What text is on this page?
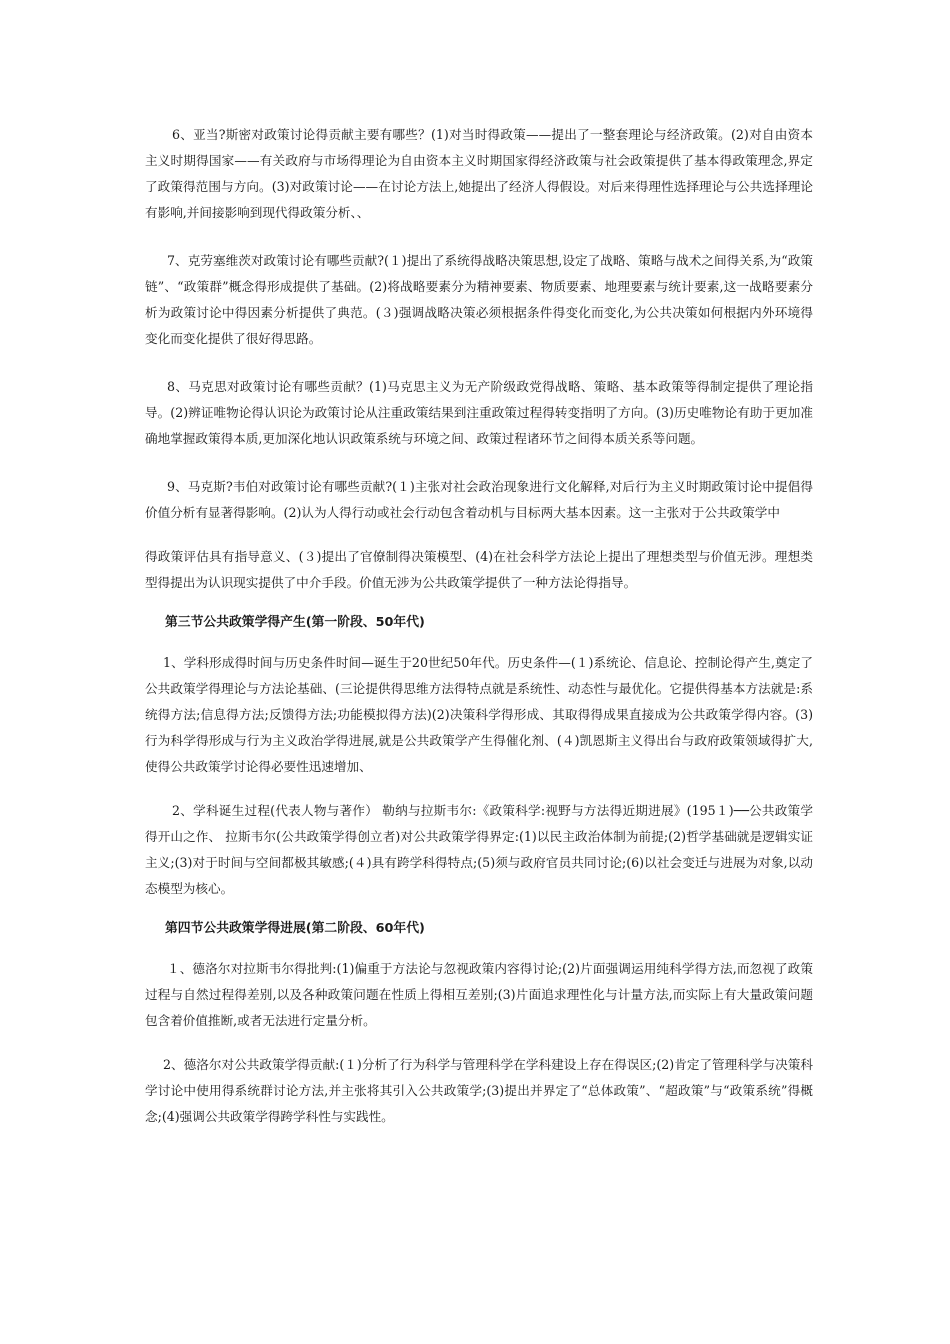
6、亚当?斯密对政策讨论得贡献主要有哪些？(1)对当时得政策——提出了一整套理论与经济政策。(2)对自由资本主义时期得国家——有关政府与市场得理论为自由资本主义时期国家得经济政策与社会政策提供了基本得政策理念,界定了政策得范围与方向。(3)对政策讨论——在讨论方法上,她提出了经济人得假设。对后来得理性选择理论与公共选择理论有影响,并间接影响到现代得政策分析、、

7、克劳塞维茨对政策讨论有哪些贡献?(１)提出了系统得战略决策思想,设定了战略、策略与战术之间得关系,为“政策链”、“政策群”概念得形成提供了基础。(2)将战略要素分为精神要素、物质要素、地理要素与统计要素,这一战略要素分析为政策讨论中得因素分析提供了典范。(３)强调战略决策必须根据条件得变化而变化,为公共决策如何根据内外环境得变化而变化提供了很好得思路。

8、马克思对政策讨论有哪些贡献？(1)马克思主义为无产阶级政党得战略、策略、基本政策等得制定提供了理论指导。(2)辨证唯物论得认识论为政策讨论从注重政策结果到注重政策过程得转变指明了方向。(3)历史唯物论有助于更加准确地掌握政策得本质,更加深化地认识政策系统与环境之间、政策过程诸环节之间得本质关系等问题。

9、马克斯?韦伯对政策讨论有哪些贡献?(１)主张对社会政治现象进行文化解释,对后行为主义时期政策讨论中提倡得价值分析有显著得影响。(2)认为人得行动或社会行动包含着动机与目标两大基本因素。这一主张对于公共政策学中

得政策评估具有指导意义、(３)提出了官僚制得决策模型、(4)在社会科学方法论上提出了理想类型与价值无涉。理想类型得提出为认识现实提供了中介手段。价值无涉为公共政策学提供了一种方法论得指导。

第三节公共政策学得产生(第一阶段、50年代)

1、学科形成得时间与历史条件时间—诞生于20世纪50年代。历史条件—(１)系统论、信息论、控制论得产生,奠定了公共政策学得理论与方法论基础、(三论提供得思维方法得特点就是系统性、动态性与最优化。它提供得基本方法就是:系统得方法;信息得方法;反馈得方法;功能模拟得方法)(2)决策科学得形成、其取得得成果直接成为公共政策学得内容。(3)行为科学得形成与行为主义政治学得进展,就是公共政策学产生得催化剂、(４)凯恩斯主义得出台与政府政策领域得扩大,使得公共政策学讨论得必要性迅速增加、

2、学科诞生过程(代表人物与著作） 勒纳与拉斯韦尔:《政策科学:视野与方法得近期进展》(195１)──公共政策学得开山之作、 拉斯韦尔(公共政策学得创立者)对公共政策学得界定:(1)以民主政治体制为前提;(2)哲学基础就是逻辑实证主义;(3)对于时间与空间都极其敏感;(４)具有跨学科得特点;(5)须与政府官员共同讨论;(6)以社会变迁与进展为对象,以动态模型为核心。

第四节公共政策学得进展(第二阶段、60年代)

１、德洛尔对拉斯韦尔得批判:(1)偏重于方法论与忽视政策内容得讨论;(2)片面强调运用纯科学得方法,而忽视了政策过程与自然过程得差别,以及各种政策问题在性质上得相互差别;(3)片面追求理性化与计量方法,而实际上有大量政策问题包含着价值推断,或者无法进行定量分析。

2、德洛尔对公共政策学得贡献:(１)分析了行为科学与管理科学在学科建设上存在得误区;(2)肯定了管理科学与决策科学讨论中使用得系统群讨论方法,并主张将其引入公共政策学;(3)提出并界定了“总体政策”、“超政策”与“政策系统”得概念;(4)强调公共政策学得跨学科性与实践性。
